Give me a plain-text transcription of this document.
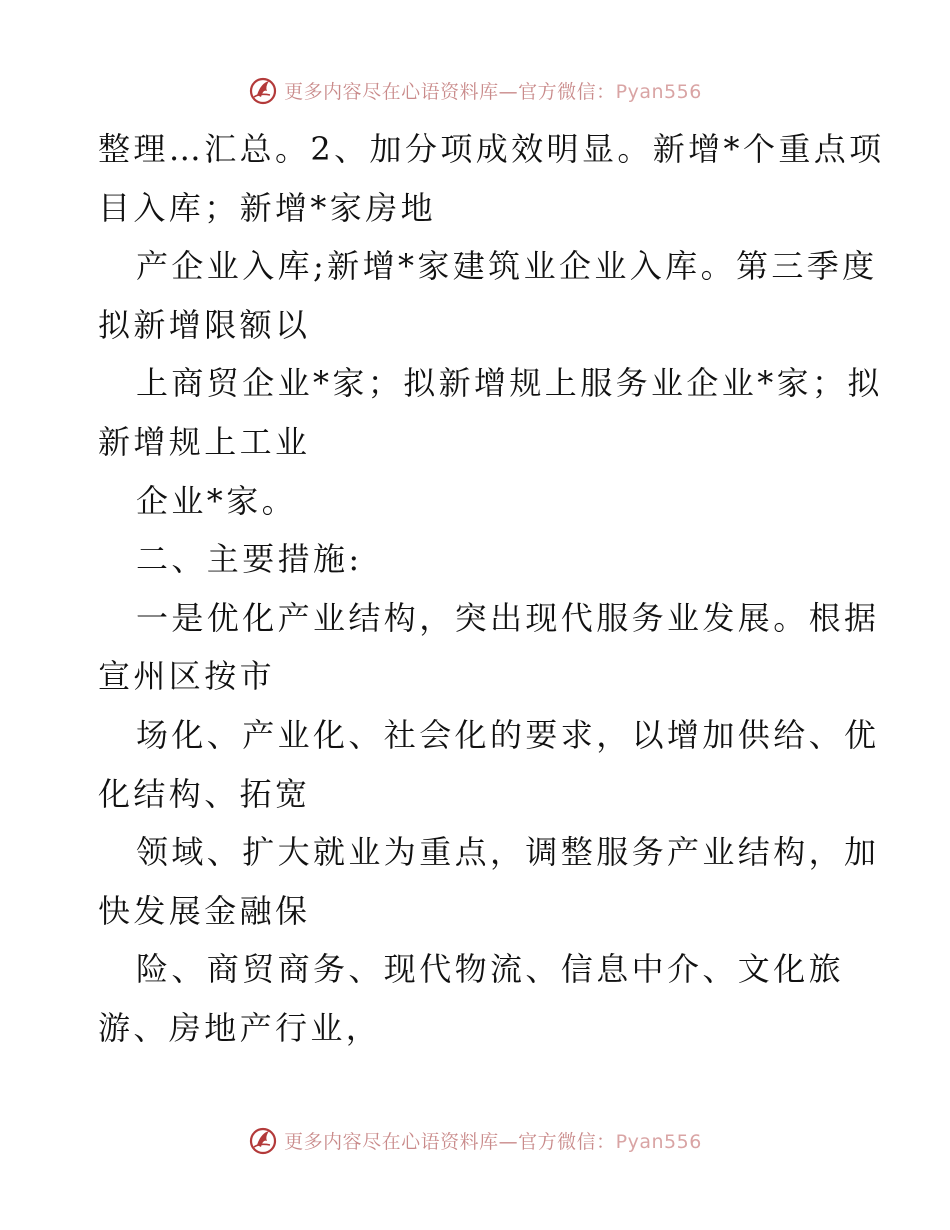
更多内容尽在心语资料库—官方微信：Pyan556
整理…汇总。2、加分项成效明显。新增*个重点项
目入库；新增*家房地
产企业入库;新增*家建筑业企业入库。第三季度
拟新增限额以
上商贸企业*家；拟新增规上服务业企业*家；拟
新增规上工业
企业*家。
二、主要措施:
一是优化产业结构，突出现代服务业发展。根据
宣州区按市
场化、产业化、社会化的要求，以增加供给、优
化结构、拓宽
领域、扩大就业为重点，调整服务产业结构，加
快发展金融保
险、商贸商务、现代物流、信息中介、文化旅
游、房地产行业，
更多内容尽在心语资料库—官方微信：Pyan556
